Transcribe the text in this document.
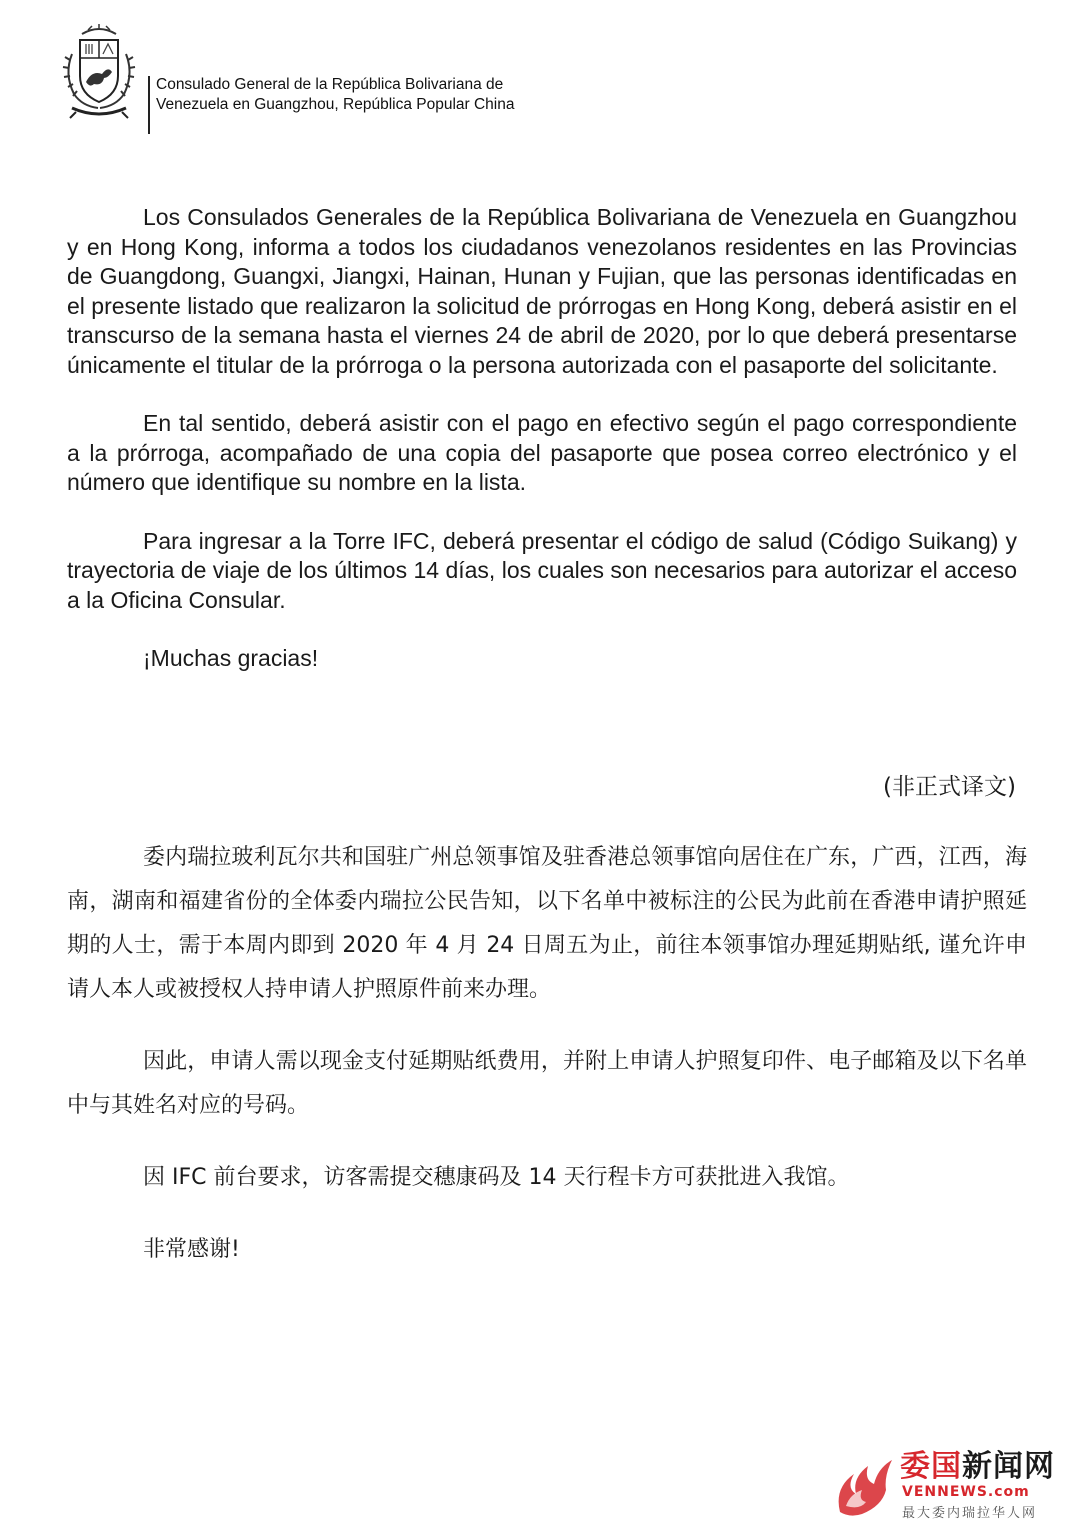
Consulado General de la República Bolivariana de
Venezuela en Guangzhou, República Popular China

Los Consulados Generales de la República Bolivariana de Venezuela en Guangzhou y en Hong Kong, informa a todos los ciudadanos venezolanos residentes en las Provincias de Guangdong, Guangxi, Jiangxi, Hainan, Hunan y Fujian, que las personas identificadas en el presente listado que realizaron la solicitud de prórrogas en Hong Kong, deberá asistir en el transcurso de la semana hasta el viernes 24 de abril de 2020, por lo que deberá presentarse únicamente el titular de la prórroga o la persona autorizada con el pasaporte del solicitante.

En tal sentido, deberá asistir con el pago en efectivo según el pago correspondiente a la prórroga, acompañado de una copia del pasaporte que posea correo electrónico y el número que identifique su nombre en la lista.

Para ingresar a la Torre IFC, deberá presentar el código de salud (Código Suikang) y trayectoria de viaje de los últimos 14 días, los cuales son necesarios para autorizar el acceso a la Oficina Consular.

¡Muchas gracias!

(非正式译文)

委内瑞拉玻利瓦尔共和国驻广州总领事馆及驻香港总领事馆向居住在广东，广西，江西，海南，湖南和福建省份的全体委内瑞拉公民告知，以下名单中被标注的公民为此前在香港申请护照延期的人士，需于本周内即到 2020 年 4 月 24 日周五为止，前往本领事馆办理延期贴纸, 谨允许申请人本人或被授权人持申请人护照原件前来办理。

因此，申请人需以现金支付延期贴纸费用，并附上申请人护照复印件、电子邮箱及以下名单中与其姓名对应的号码。

因 IFC 前台要求，访客需提交穗康码及 14 天行程卡方可获批进入我馆。

非常感谢!

委国新闻网
VENNEWS.com
最大委内瑞拉华人网
